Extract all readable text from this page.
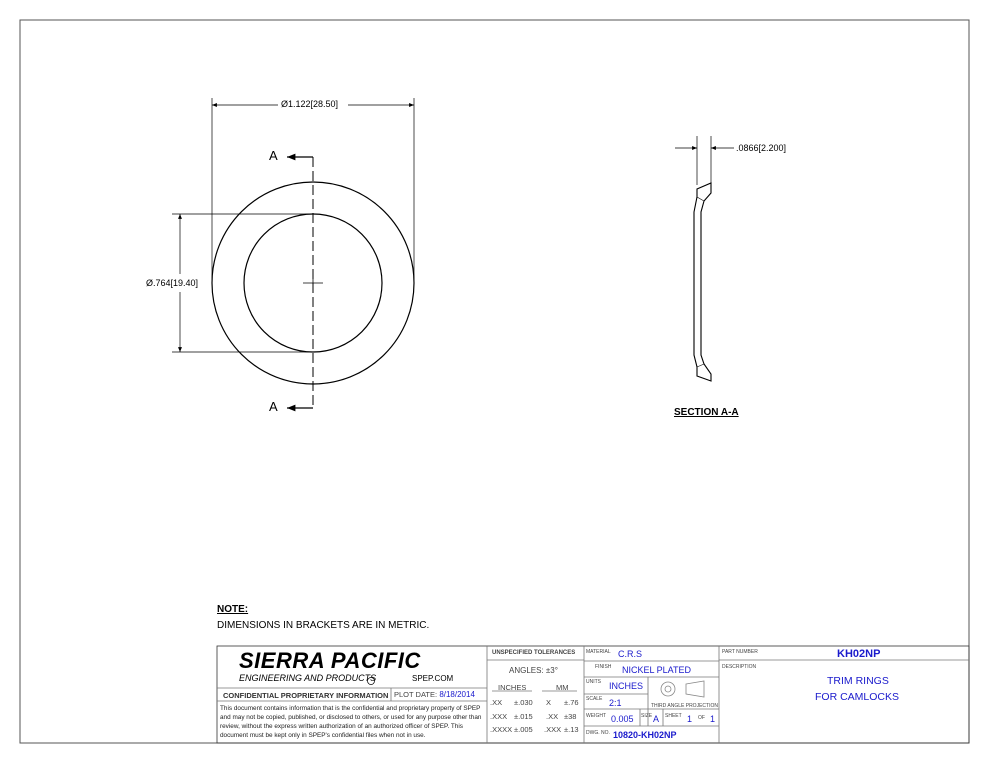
Ø1.122[28.50]
Ø.764[19.40]
A
A
.0866[2.200]
SECTION A-A
NOTE:
DIMENSIONS IN BRACKETS ARE IN METRIC.
SIERRA PACIFIC
ENGINEERING AND PRODUCTS	SPEP.COM
CONFIDENTIAL PROPRIETARY INFORMATION PLOT DATE: 8/18/2014
This document contains information that is the confidential and proprietary property of SPEP and may not be copied, published, or disclosed to others, or used for any purpose other than review, without the express written authorization of an authorized officer of SPEP. This document must be kept only in SPEP's confidential files when not in use.
UNSPECIFIED TOLERANCES
ANGLES: ±3°
INCHES	MM
.XX ±.030 X ±.76
.XXX ±.015 .XX ±38
.XXXX ±.005 .XXX ±.13
MATERIAL C.R.S
FINISH NICKEL PLATED
UNITS INCHES
SCALE 2:1	THIRD ANGLE PROJECTION
WEIGHT 0.005 SIZE A SHEET 1 OF 1
DWG. NO. 10820-KH02NP
PART NUMBER	KH02NP
DESCRIPTION
TRIM RINGS
FOR CAMLOCKS
